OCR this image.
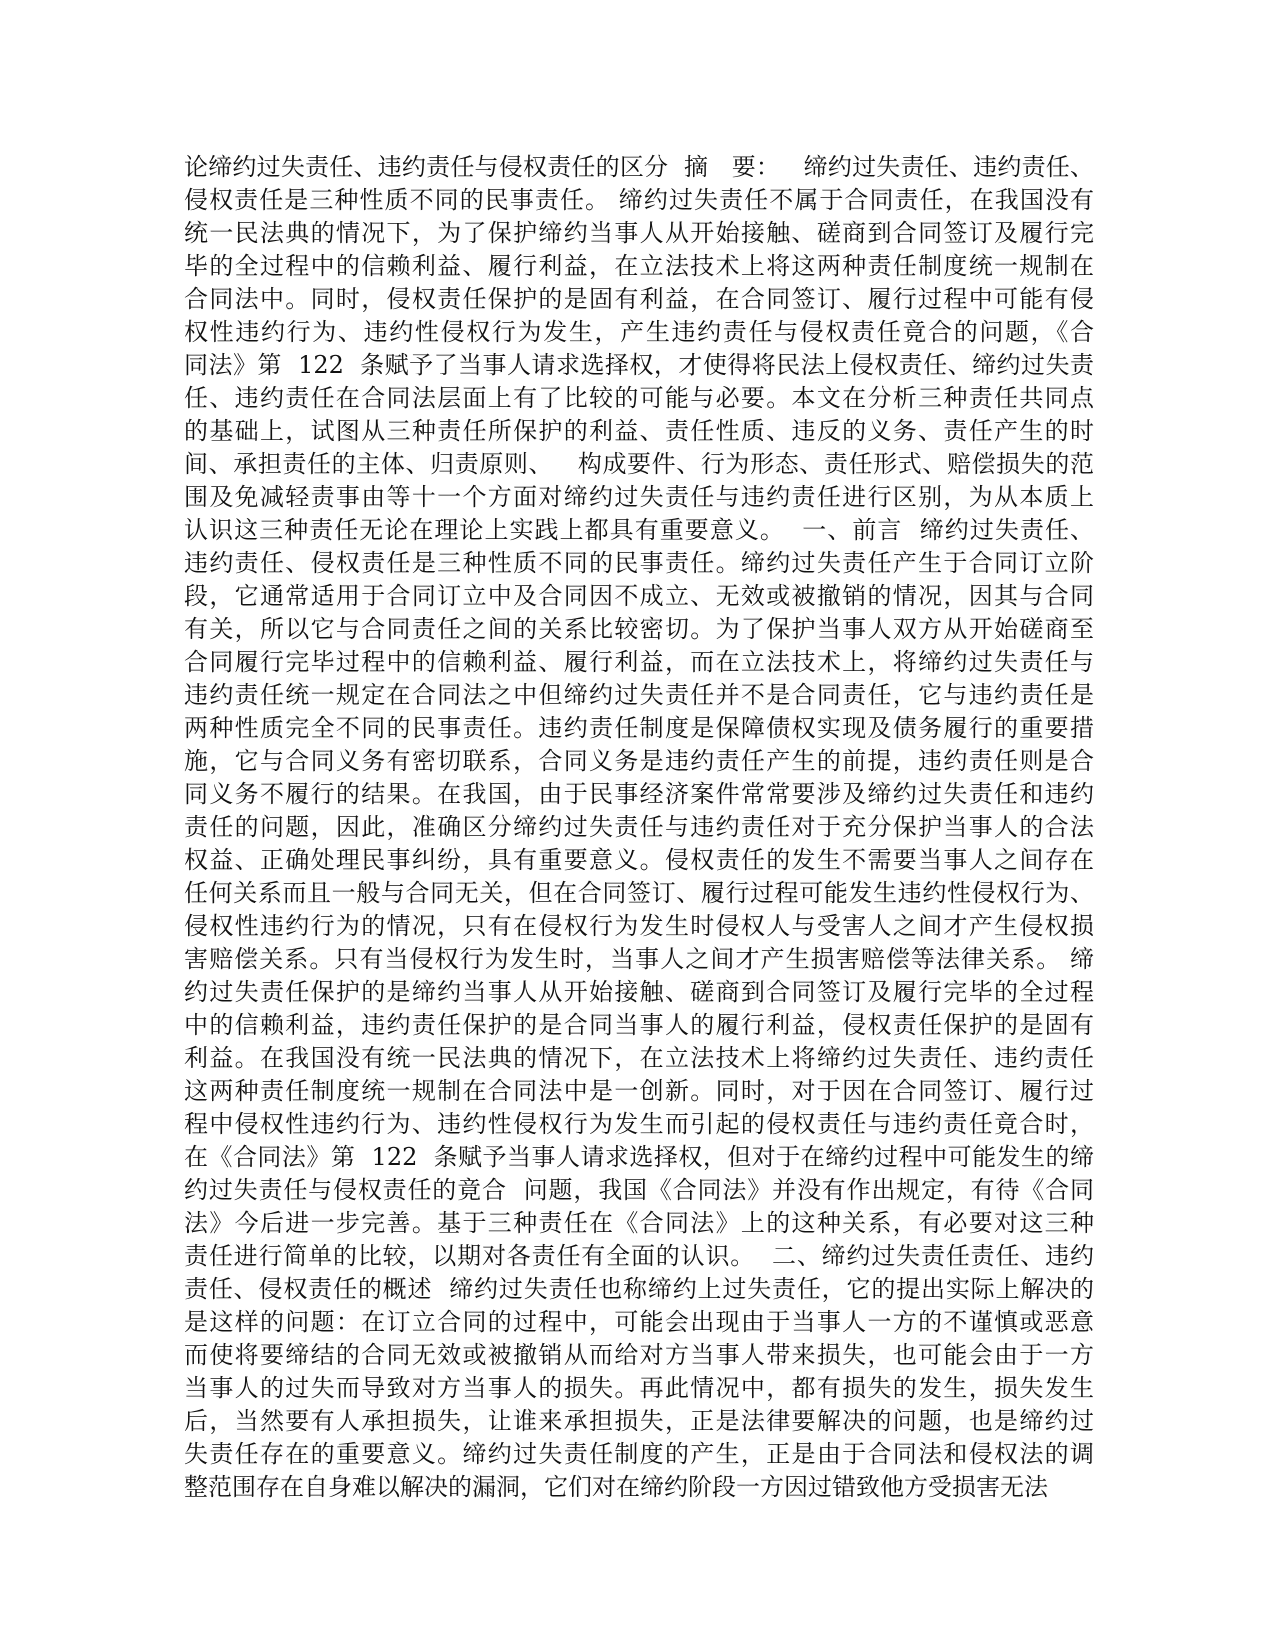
论缔约过失责任、违约责任与侵权责任的区分  摘   要：   缔约过失责任、违约责任、
侵权责任是三种性质不同的民事责任。 缔约过失责任不属于合同责任，在我国没有
统一民法典的情况下，为了保护缔约当事人从开始接触、磋商到合同签订及履行完
毕的全过程中的信赖利益、履行利益，在立法技术上将这两种责任制度统一规制在
合同法中。同时，侵权责任保护的是固有利益，在合同签订、履行过程中可能有侵
权性违约行为、违约性侵权行为发生，产生违约责任与侵权责任竟合的问题，《合
同法》第  122  条赋予了当事人请求选择权，才使得将民法上侵权责任、缔约过失责
任、违约责任在合同法层面上有了比较的可能与必要。本文在分析三种责任共同点
的基础上，试图从三种责任所保护的利益、责任性质、违反的义务、责任产生的时
间、承担责任的主体、归责原则、   构成要件、行为形态、责任形式、赔偿损失的范
围及免减轻责事由等十一个方面对缔约过失责任与违约责任进行区别，为从本质上
认识这三种责任无论在理论上实践上都具有重要意义。  一、前言  缔约过失责任、
违约责任、侵权责任是三种性质不同的民事责任。缔约过失责任产生于合同订立阶
段，它通常适用于合同订立中及合同因不成立、无效或被撤销的情况，因其与合同
有关，所以它与合同责任之间的关系比较密切。为了保护当事人双方从开始磋商至
合同履行完毕过程中的信赖利益、履行利益，而在立法技术上，将缔约过失责任与
违约责任统一规定在合同法之中但缔约过失责任并不是合同责任，它与违约责任是
两种性质完全不同的民事责任。违约责任制度是保障债权实现及债务履行的重要措
施，它与合同义务有密切联系，合同义务是违约责任产生的前提，违约责任则是合
同义务不履行的结果。在我国，由于民事经济案件常常要涉及缔约过失责任和违约
责任的问题，因此，准确区分缔约过失责任与违约责任对于充分保护当事人的合法
权益、正确处理民事纠纷，具有重要意义。侵权责任的发生不需要当事人之间存在
任何关系而且一般与合同无关，但在合同签订、履行过程可能发生违约性侵权行为、
侵权性违约行为的情况，只有在侵权行为发生时侵权人与受害人之间才产生侵权损
害赔偿关系。只有当侵权行为发生时，当事人之间才产生损害赔偿等法律关系。 缔
约过失责任保护的是缔约当事人从开始接触、磋商到合同签订及履行完毕的全过程
中的信赖利益，违约责任保护的是合同当事人的履行利益，侵权责任保护的是固有
利益。在我国没有统一民法典的情况下，在立法技术上将缔约过失责任、违约责任
这两种责任制度统一规制在合同法中是一创新。同时，对于因在合同签订、履行过
程中侵权性违约行为、违约性侵权行为发生而引起的侵权责任与违约责任竟合时，
在《合同法》第  122  条赋予当事人请求选择权，但对于在缔约过程中可能发生的缔
约过失责任与侵权责任的竟合  问题，我国《合同法》并没有作出规定，有待《合同
法》今后进一步完善。基于三种责任在《合同法》上的这种关系，有必要对这三种
责任进行简单的比较，以期对各责任有全面的认识。  二、缔约过失责任责任、违约
责任、侵权责任的概述  缔约过失责任也称缔约上过失责任，它的提出实际上解决的
是这样的问题：在订立合同的过程中，可能会出现由于当事人一方的不谨慎或恶意
而使将要缔结的合同无效或被撤销从而给对方当事人带来损失，也可能会由于一方
当事人的过失而导致对方当事人的损失。再此情况中，都有损失的发生，损失发生
后，当然要有人承担损失，让谁来承担损失，正是法律要解决的问题，也是缔约过
失责任存在的重要意义。缔约过失责任制度的产生，正是由于合同法和侵权法的调
整范围存在自身难以解决的漏洞，它们对在缔约阶段一方因过错致他方受损害无法
